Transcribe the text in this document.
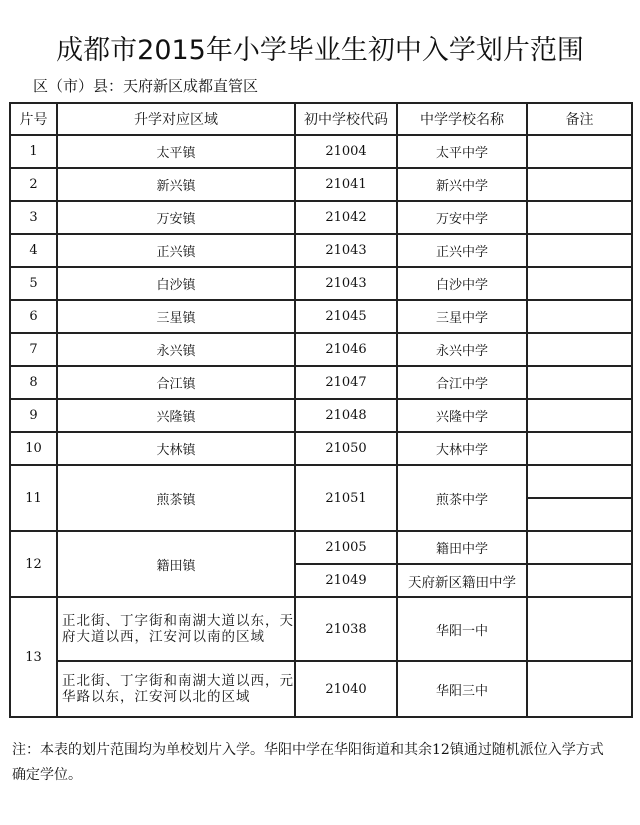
成都市2015年小学毕业生初中入学划片范围
区（市）县：天府新区成都直管区
片号	升学对应区域	初中学校代码	中学学校名称	备注
1	太平镇	21004	太平中学	
2	新兴镇	21041	新兴中学	
3	万安镇	21042	万安中学	
4	正兴镇	21043	正兴中学	
5	白沙镇	21043	白沙中学	
6	三星镇	21045	三星中学	
7	永兴镇	21046	永兴中学	
8	合江镇	21047	合江中学	
9	兴隆镇	21048	兴隆中学	
10	大林镇	21050	大林中学	
11	煎茶镇	21051	煎茶中学	

12	籍田镇	21005	籍田中学	
		21049	天府新区籍田中学	
13	正北街、丁字街和南湖大道以东，天府大道以西，江安河以南的区域	21038	华阳一中	
	正北街、丁字街和南湖大道以西，元华路以东，江安河以北的区域	21040	华阳三中	
注：本表的划片范围均为单校划片入学。华阳中学在华阳街道和其余12镇通过随机派位入学方式确定学位。
